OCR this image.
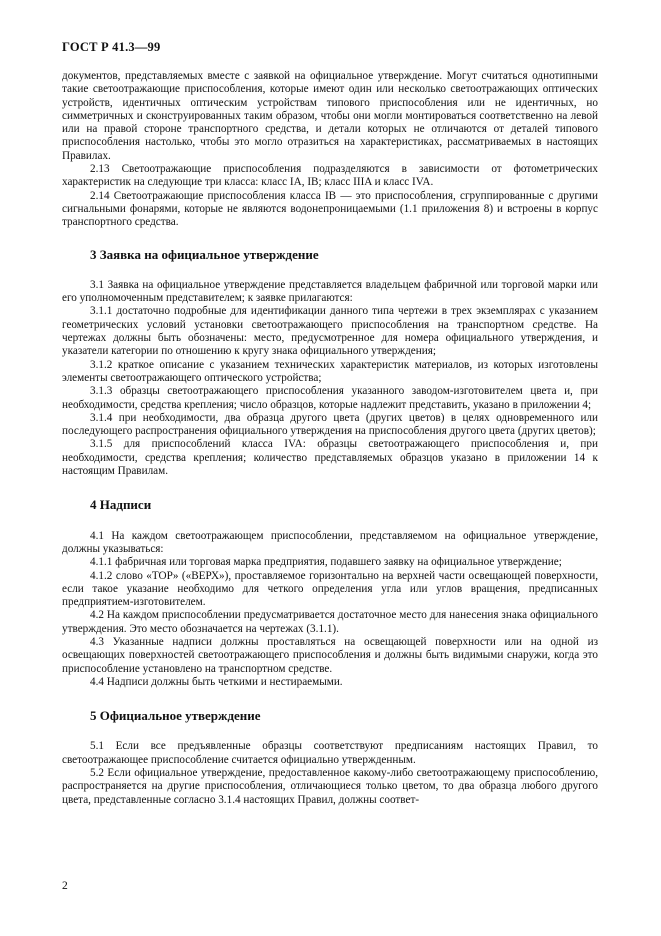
ГОСТ Р 41.3—99

документов, представляемых вместе с заявкой на официальное утверждение. Могут считаться однотипными такие светоотражающие приспособления, которые имеют один или несколько светоотражающих оптических устройств, идентичных оптическим устройствам типового приспособления или не идентичных, но симметричных и сконструированных таким образом, чтобы они могли монтироваться соответственно на левой или на правой стороне транспортного средства, и детали которых не отличаются от деталей типового приспособления настолько, чтобы это могло отразиться на характеристиках, рассматриваемых в настоящих Правилах.

2.13 Светоотражающие приспособления подразделяются в зависимости от фотометрических характеристик на следующие три класса: класс IA, IB; класс IIIA и класс IVA.

2.14 Светоотражающие приспособления класса IB — это приспособления, сгруппированные с другими сигнальными фонарями, которые не являются водонепроницаемыми (1.1 приложения 8) и встроены в корпус транспортного средства.

3 Заявка на официальное утверждение

3.1 Заявка на официальное утверждение представляется владельцем фабричной или торговой марки или его уполномоченным представителем; к заявке прилагаются:

3.1.1 достаточно подробные для идентификации данного типа чертежи в трех экземплярах с указанием геометрических условий установки светоотражающего приспособления на транспортном средстве. На чертежах должны быть обозначены: место, предусмотренное для номера официального утверждения, и указатели категории по отношению к кругу знака официального утверждения;

3.1.2 краткое описание с указанием технических характеристик материалов, из которых изготовлены элементы светоотражающего оптического устройства;

3.1.3 образцы светоотражающего приспособления указанного заводом-изготовителем цвета и, при необходимости, средства крепления; число образцов, которые надлежит представить, указано в приложении 4;

3.1.4 при необходимости, два образца другого цвета (других цветов) в целях одновременного или последующего распространения официального утверждения на приспособления другого цвета (других цветов);

3.1.5 для приспособлений класса IVA: образцы светоотражающего приспособления и, при необходимости, средства крепления; количество представляемых образцов указано в приложении 14 к настоящим Правилам.

4 Надписи

4.1 На каждом светоотражающем приспособлении, представляемом на официальное утверждение, должны указываться:

4.1.1 фабричная или торговая марка предприятия, подавшего заявку на официальное утверждение;

4.1.2 слово «TOP» («ВЕРХ»), проставляемое горизонтально на верхней части освещающей поверхности, если такое указание необходимо для четкого определения угла или углов вращения, предписанных предприятием-изготовителем.

4.2 На каждом приспособлении предусматривается достаточное место для нанесения знака официального утверждения. Это место обозначается на чертежах (3.1.1).

4.3 Указанные надписи должны проставляться на освещающей поверхности или на одной из освещающих поверхностей светоотражающего приспособления и должны быть видимыми снаружи, когда это приспособление установлено на транспортном средстве.

4.4 Надписи должны быть четкими и нестираемыми.

5 Официальное утверждение

5.1 Если все предъявленные образцы соответствуют предписаниям настоящих Правил, то светоотражающее приспособление считается официально утвержденным.

5.2 Если официальное утверждение, предоставленное какому-либо светоотражающему приспособлению, распространяется на другие приспособления, отличающиеся только цветом, то два образца любого другого цвета, представленные согласно 3.1.4 настоящих Правил, должны соответ-

2
